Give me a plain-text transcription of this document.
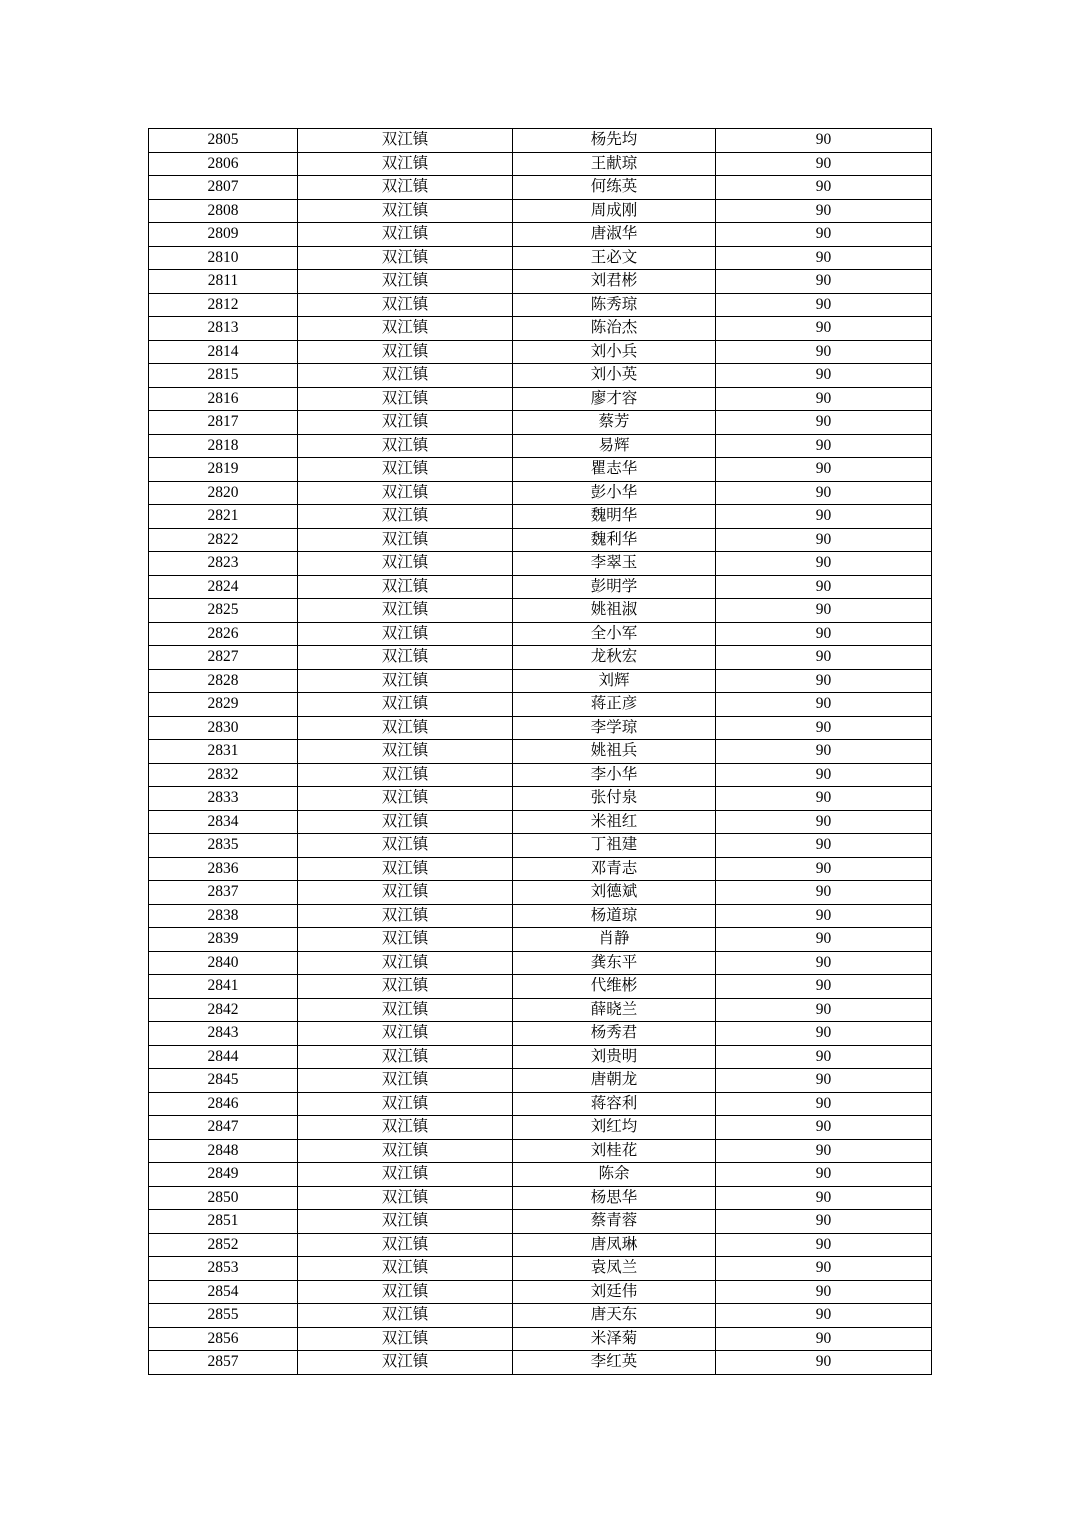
2805	双江镇	杨先均	90
2806	双江镇	王献琼	90
2807	双江镇	何练英	90
2808	双江镇	周成刚	90
2809	双江镇	唐淑华	90
2810	双江镇	王必文	90
2811	双江镇	刘君彬	90
2812	双江镇	陈秀琼	90
2813	双江镇	陈治杰	90
2814	双江镇	刘小兵	90
2815	双江镇	刘小英	90
2816	双江镇	廖才容	90
2817	双江镇	蔡芳	90
2818	双江镇	易辉	90
2819	双江镇	瞿志华	90
2820	双江镇	彭小华	90
2821	双江镇	魏明华	90
2822	双江镇	魏利华	90
2823	双江镇	李翠玉	90
2824	双江镇	彭明学	90
2825	双江镇	姚祖淑	90
2826	双江镇	全小军	90
2827	双江镇	龙秋宏	90
2828	双江镇	刘辉	90
2829	双江镇	蒋正彦	90
2830	双江镇	李学琼	90
2831	双江镇	姚祖兵	90
2832	双江镇	李小华	90
2833	双江镇	张付泉	90
2834	双江镇	米祖红	90
2835	双江镇	丁祖建	90
2836	双江镇	邓青志	90
2837	双江镇	刘德斌	90
2838	双江镇	杨道琼	90
2839	双江镇	肖静	90
2840	双江镇	龚东平	90
2841	双江镇	代维彬	90
2842	双江镇	薛晓兰	90
2843	双江镇	杨秀君	90
2844	双江镇	刘贵明	90
2845	双江镇	唐朝龙	90
2846	双江镇	蒋容利	90
2847	双江镇	刘红均	90
2848	双江镇	刘桂花	90
2849	双江镇	陈余	90
2850	双江镇	杨思华	90
2851	双江镇	蔡青蓉	90
2852	双江镇	唐凤琳	90
2853	双江镇	袁凤兰	90
2854	双江镇	刘廷伟	90
2855	双江镇	唐天东	90
2856	双江镇	米泽菊	90
2857	双江镇	李红英	90
